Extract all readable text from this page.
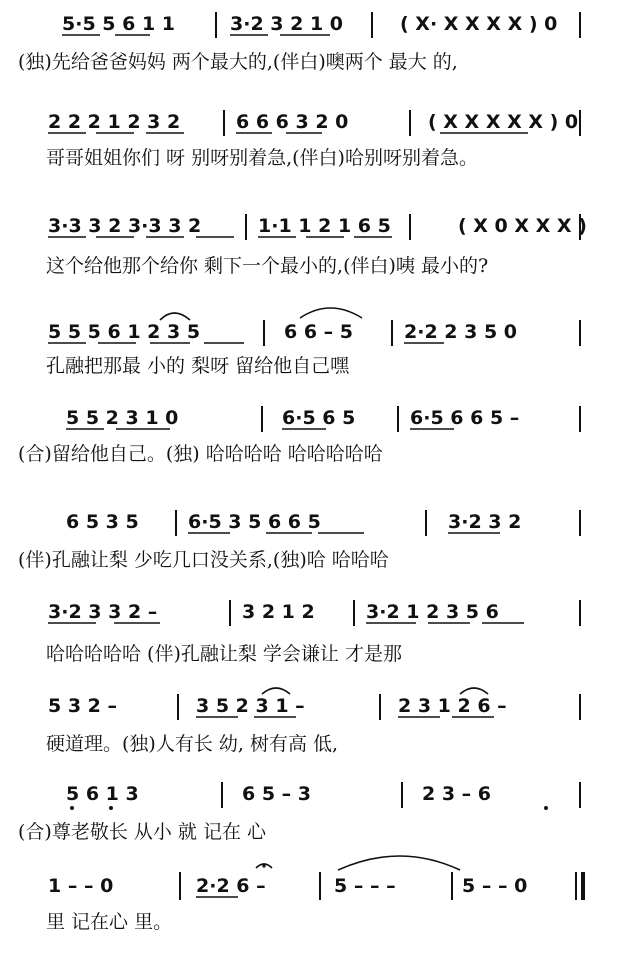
5·5 5 6 1 1	3·2 3 2 1 0	( X· X X X X ) 0
(独)先给爸爸妈妈 两个最大的,(伴白)噢两个 最大 的,
2 2 2 1 2 3 2	6 6 6 3 2 0	( X X X X X ) 0
哥哥姐姐你们 呀 别呀别着急,(伴白)哈别呀别着急。
3·3 3 2 3·3 3 2	1·1 1 2 1 6 5	( X 0 X X X )
这个给他那个给你 剩下一个最小的,(伴白)咦 最小的?
5 5 5 6 1 2 3 5	6 6 – 5	2·2 2 3 5 0
孔融把那最 小的 梨呀 留给他自己嘿
5 5 2 3 1 0	6·5 6 5	6·5 6 6 5 –
(合)留给他自己。(独) 哈哈哈哈 哈哈哈哈哈
6 5 3 5	6·5 3 5 6 6 5	3·2 3 2
(伴)孔融让梨 少吃几口没关系,(独)哈 哈哈哈
3·2 3 3 2 –	3 2 1 2	3·2 1 2 3 5 6
哈哈哈哈哈 (伴)孔融让梨 学会谦让 才是那
5 3 2 –	3 5 2 3 1 –	2 3 1 2 6 –
硬道理。(独)人有长 幼, 树有高 低,
5 6 1 3	6 5 – 3	2 3 – 6
(合)尊老敬长 从小 就 记在 心
1 – – 0	2·2 6 –	5 – – –	5 – – 0
里 记在心 里。
